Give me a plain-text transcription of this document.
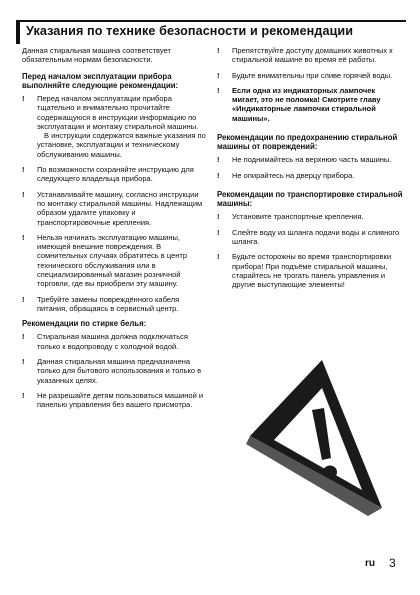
Указания по технике безопасности и рекомендации

Данная стиральная машина соответствует обязательным нормам безопасности.

Перед началом эксплуатации прибора выполняйте следующие рекомендации:

! Перед началом эксплуатации прибора тщательно и внимательно прочитайте содержащуюся в инструкции информацию по эксплуатации и монтажу стиральной машины.
В инструкции содержатся важные указания по установке, эксплуатации и техническому обслуживанию машины.
! По возможности сохраняйте инструкцию для следующего владельца прибора.
! Устанавливайте машину, согласно инструкции по монтажу стиральной машины. Надлежащим образом удалите упаковку и транспортировочные крепления.
! Нельзя начинать эксплуатацию машины, имеющей внешние повреждения. В сомнительных случаях обратитесь в центр технического обслуживания или в специализированный магазин розничной торговли, где вы приобрели эту машину.
! Требуйте замены повреждённого кабеля питания, обращаясь в сервисный центр.

Рекомендации по стирке белья:

! Стиральная машина должна подключаться только к водопроводу с холодной водой.
! Данная стиральная машина предназначена только для бытового использования и только в указанных целях.
! Не разрешайте детям пользоваться машиной и панелью управления без вашего присмотра.
! Препятствуйте доступу домашних животных к стиральной машине во время её работы.
! Будьте внимательны при сливе горячей воды.
! Если одна из индикаторных лампочек мигает, это не поломка! Смотрите главу «Индикаторные лампочки стиральной машины».

Рекомендации по предохранению стиральной машины от повреждений:

! Не поднимайтесь на верхнюю часть машины.
! Не опирайтесь на дверцу прибора.

Рекомендации по транспортировке стиральной машины:

! Установите транспортные крепления.
! Слейте воду из шланга подачи воды и сливного шланга.
! Будьте осторожны во время транспортировки прибора! При подъёме стиральной машины, старайтесь не трогать панель управления и другие выступающие элементы!
ru 3
